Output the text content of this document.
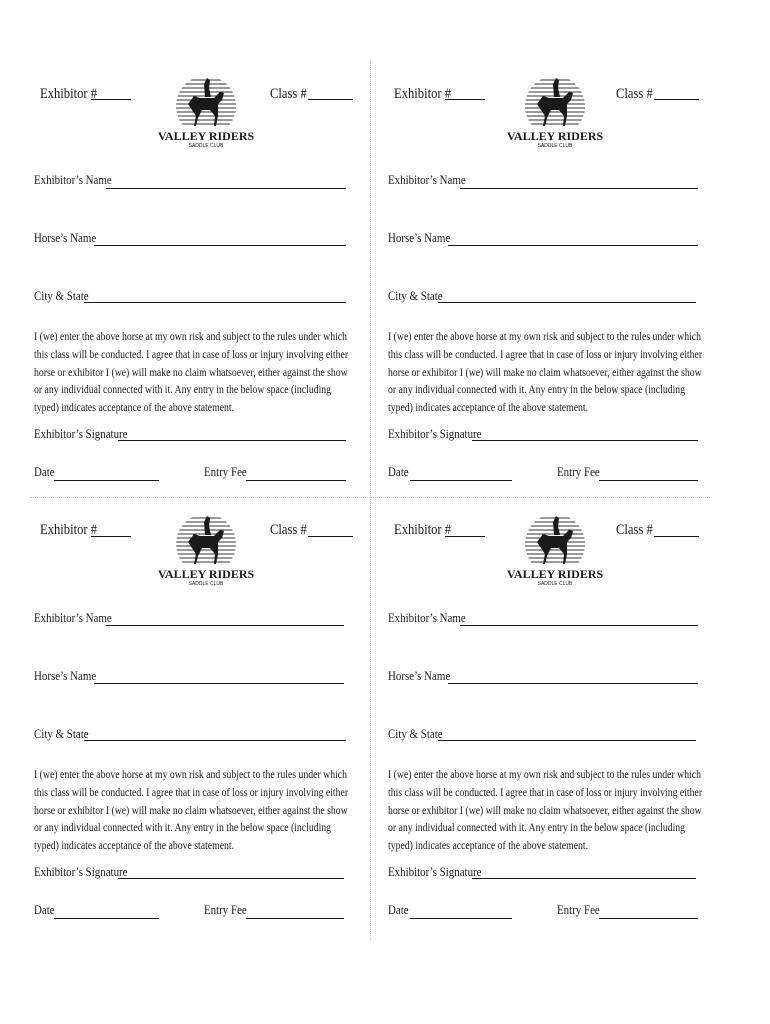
Exhibitor #
VALLEY RIDERS
SADDLE CLUB
Class #
Exhibitor’s Name
Horse’s Name
City & State
I (we) enter the above horse at my own risk and subject to the rules under which this class will be conducted. I agree that in case of loss or injury involving either horse or exhibitor I (we) will make no claim whatsoever, either against the show or any individual connected with it. Any entry in the below space (including typed) indicates acceptance of the above statement.
Exhibitor’s Signature
Date	Entry Fee
Exhibitor #
VALLEY RIDERS
SADDLE CLUB
Class #
Exhibitor’s Name
Horse’s Name
City & State
I (we) enter the above horse at my own risk and subject to the rules under which this class will be conducted. I agree that in case of loss or injury involving either horse or exhibitor I (we) will make no claim whatsoever, either against the show or any individual connected with it. Any entry in the below space (including typed) indicates acceptance of the above statement.
Exhibitor’s Signature
Date	Entry Fee
Exhibitor #
VALLEY RIDERS
SADDLE CLUB
Class #
Exhibitor’s Name
Horse’s Name
City & State
I (we) enter the above horse at my own risk and subject to the rules under which this class will be conducted. I agree that in case of loss or injury involving either horse or exhibitor I (we) will make no claim whatsoever, either against the show or any individual connected with it. Any entry in the below space (including typed) indicates acceptance of the above statement.
Exhibitor’s Signature
Date	Entry Fee
Exhibitor #
VALLEY RIDERS
SADDLE CLUB
Class #
Exhibitor’s Name
Horse’s Name
City & State
I (we) enter the above horse at my own risk and subject to the rules under which this class will be conducted. I agree that in case of loss or injury involving either horse or exhibitor I (we) will make no claim whatsoever, either against the show or any individual connected with it. Any entry in the below space (including typed) indicates acceptance of the above statement.
Exhibitor’s Signature
Date	Entry Fee
